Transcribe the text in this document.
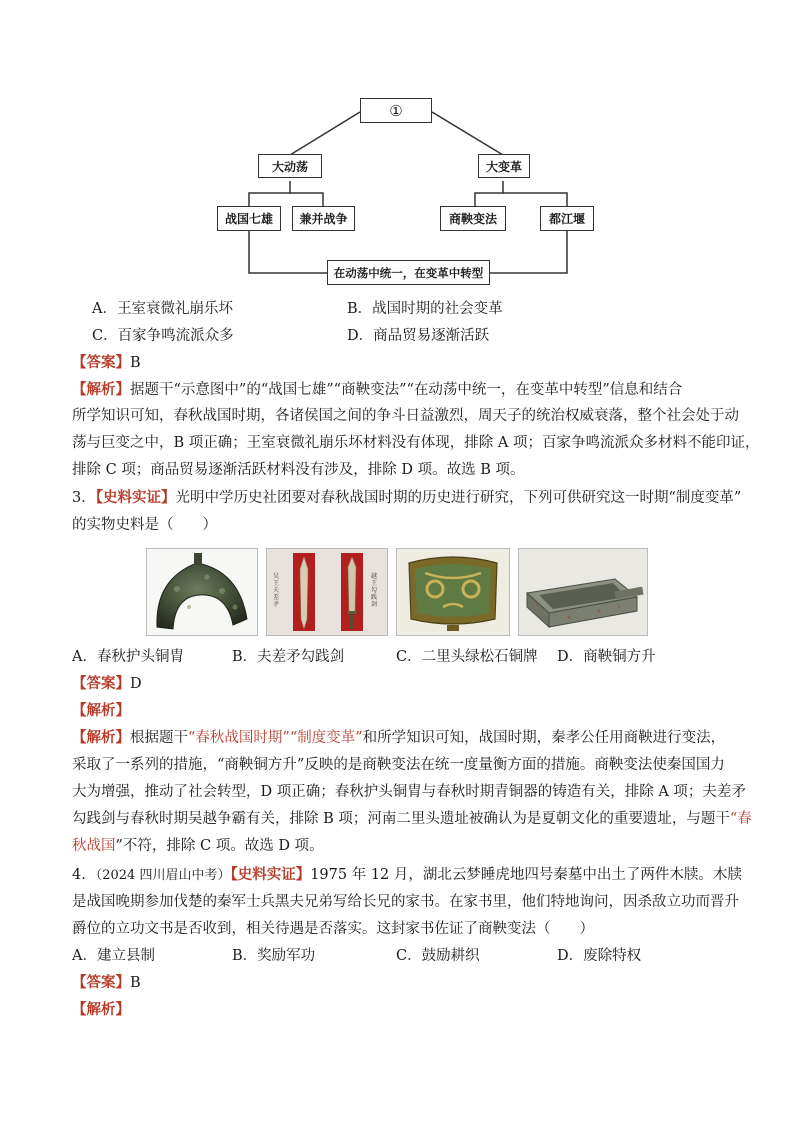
①
大动荡	大变革
战国七雄	兼并战争	商鞅变法	都江堰
在动荡中统一，在变革中转型
A．王室衰微礼崩乐坏	B．战国时期的社会变革
C．百家争鸣流派众多	D．商品贸易逐渐活跃
【答案】B
【解析】据题干“示意图中”的“战国七雄”“商鞅变法”“在动荡中统一，在变革中转型”信息和结合
所学知识可知，春秋战国时期，各诸侯国之间的争斗日益激烈，周天子的统治权威衰落，整个社会处于动
荡与巨变之中，B 项正确；王室衰微礼崩乐坏材料没有体现，排除 A 项；百家争鸣流派众多材料不能印证，
排除 C 项；商品贸易逐渐活跃材料没有涉及，排除 D 项。故选 B 项。
3．【史料实证】光明中学历史社团要对春秋战国时期的历史进行研究，下列可供研究这一时期“制度变革”
的实物史料是（　　）
吴王夫差矛
越王勾践剑
A．春秋护头铜胄	B．夫差矛勾践剑	C．二里头绿松石铜牌 D．商鞅铜方升
【答案】D
【解析】
【解析】根据题干“春秋战国时期”“制度变革”和所学知识可知，战国时期，秦孝公任用商鞅进行变法，
采取了一系列的措施，“商鞅铜方升”反映的是商鞅变法在统一度量衡方面的措施。商鞅变法使秦国国力
大为增强，推动了社会转型，D 项正确；春秋护头铜胄与春秋时期青铜器的铸造有关，排除 A 项；夫差矛
勾践剑与春秋时期吴越争霸有关，排除 B 项；河南二里头遗址被确认为是夏朝文化的重要遗址，与题干“春
秋战国”不符，排除 C 项。故选 D 项。
4．（2024 四川眉山中考）【史料实证】1975 年 12 月，湖北云梦睡虎地四号秦墓中出土了两件木牍。木牍
是战国晚期参加伐楚的秦军士兵黑夫兄弟写给长兄的家书。在家书里，他们特地询问，因杀敌立功而晋升
爵位的立功文书是否收到，相关待遇是否落实。这封家书佐证了商鞅变法（　　）
A．建立县制	B．奖励军功	C．鼓励耕织	D．废除特权
【答案】B
【解析】
